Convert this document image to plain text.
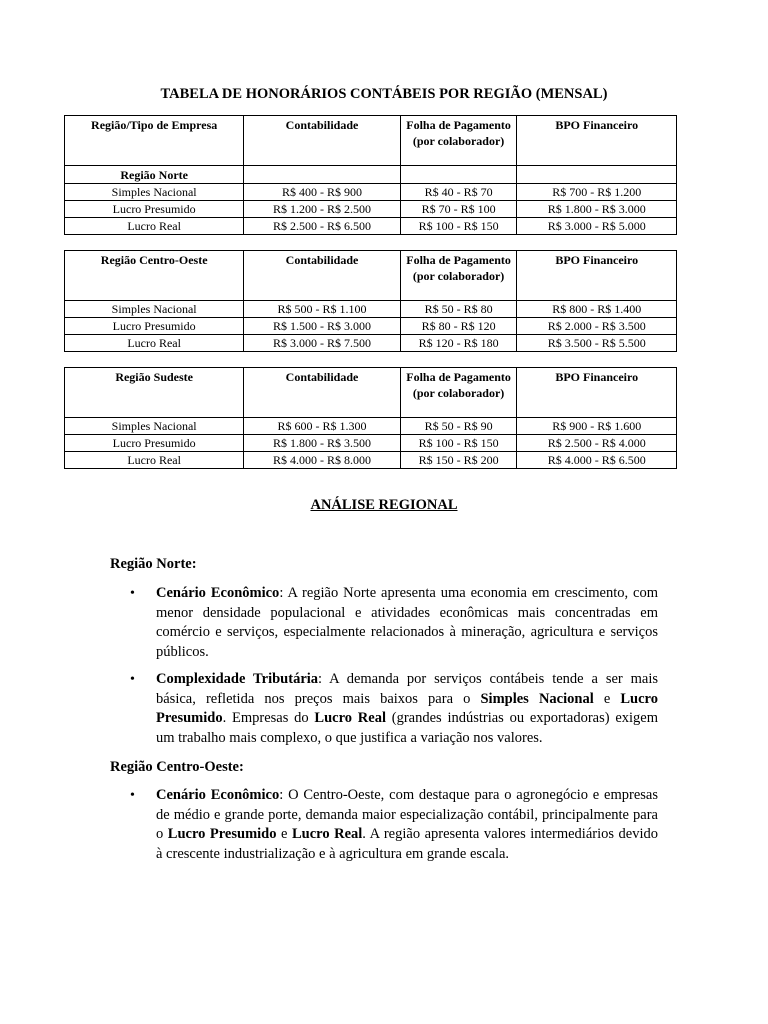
TABELA DE HONORÁRIOS CONTÁBEIS POR REGIÃO (MENSAL)
Região/Tipo de Empresa	Contabilidade	Folha de Pagamento (por colaborador)	BPO Financeiro
Região Norte			
Simples Nacional	R$ 400 - R$ 900	R$ 40 - R$ 70	R$ 700 - R$ 1.200
Lucro Presumido	R$ 1.200 - R$ 2.500	R$ 70 - R$ 100	R$ 1.800 - R$ 3.000
Lucro Real	R$ 2.500 - R$ 6.500	R$ 100 - R$ 150	R$ 3.000 - R$ 5.000
Região Centro-Oeste	Contabilidade	Folha de Pagamento (por colaborador)	BPO Financeiro
Simples Nacional	R$ 500 - R$ 1.100	R$ 50 - R$ 80	R$ 800 - R$ 1.400
Lucro Presumido	R$ 1.500 - R$ 3.000	R$ 80 - R$ 120	R$ 2.000 - R$ 3.500
Lucro Real	R$ 3.000 - R$ 7.500	R$ 120 - R$ 180	R$ 3.500 - R$ 5.500
Região Sudeste	Contabilidade	Folha de Pagamento (por colaborador)	BPO Financeiro
Simples Nacional	R$ 600 - R$ 1.300	R$ 50 - R$ 90	R$ 900 - R$ 1.600
Lucro Presumido	R$ 1.800 - R$ 3.500	R$ 100 - R$ 150	R$ 2.500 - R$ 4.000
Lucro Real	R$ 4.000 - R$ 8.000	R$ 150 - R$ 200	R$ 4.000 - R$ 6.500
ANÁLISE REGIONAL
Região Norte:
• Cenário Econômico: A região Norte apresenta uma economia em crescimento, com menor densidade populacional e atividades econômicas mais concentradas em comércio e serviços, especialmente relacionados à mineração, agricultura e serviços públicos.
• Complexidade Tributária: A demanda por serviços contábeis tende a ser mais básica, refletida nos preços mais baixos para o Simples Nacional e Lucro Presumido. Empresas do Lucro Real (grandes indústrias ou exportadoras) exigem um trabalho mais complexo, o que justifica a variação nos valores.
Região Centro-Oeste:
• Cenário Econômico: O Centro-Oeste, com destaque para o agronegócio e empresas de médio e grande porte, demanda maior especialização contábil, principalmente para o Lucro Presumido e Lucro Real. A região apresenta valores intermediários devido à crescente industrialização e à agricultura em grande escala.
